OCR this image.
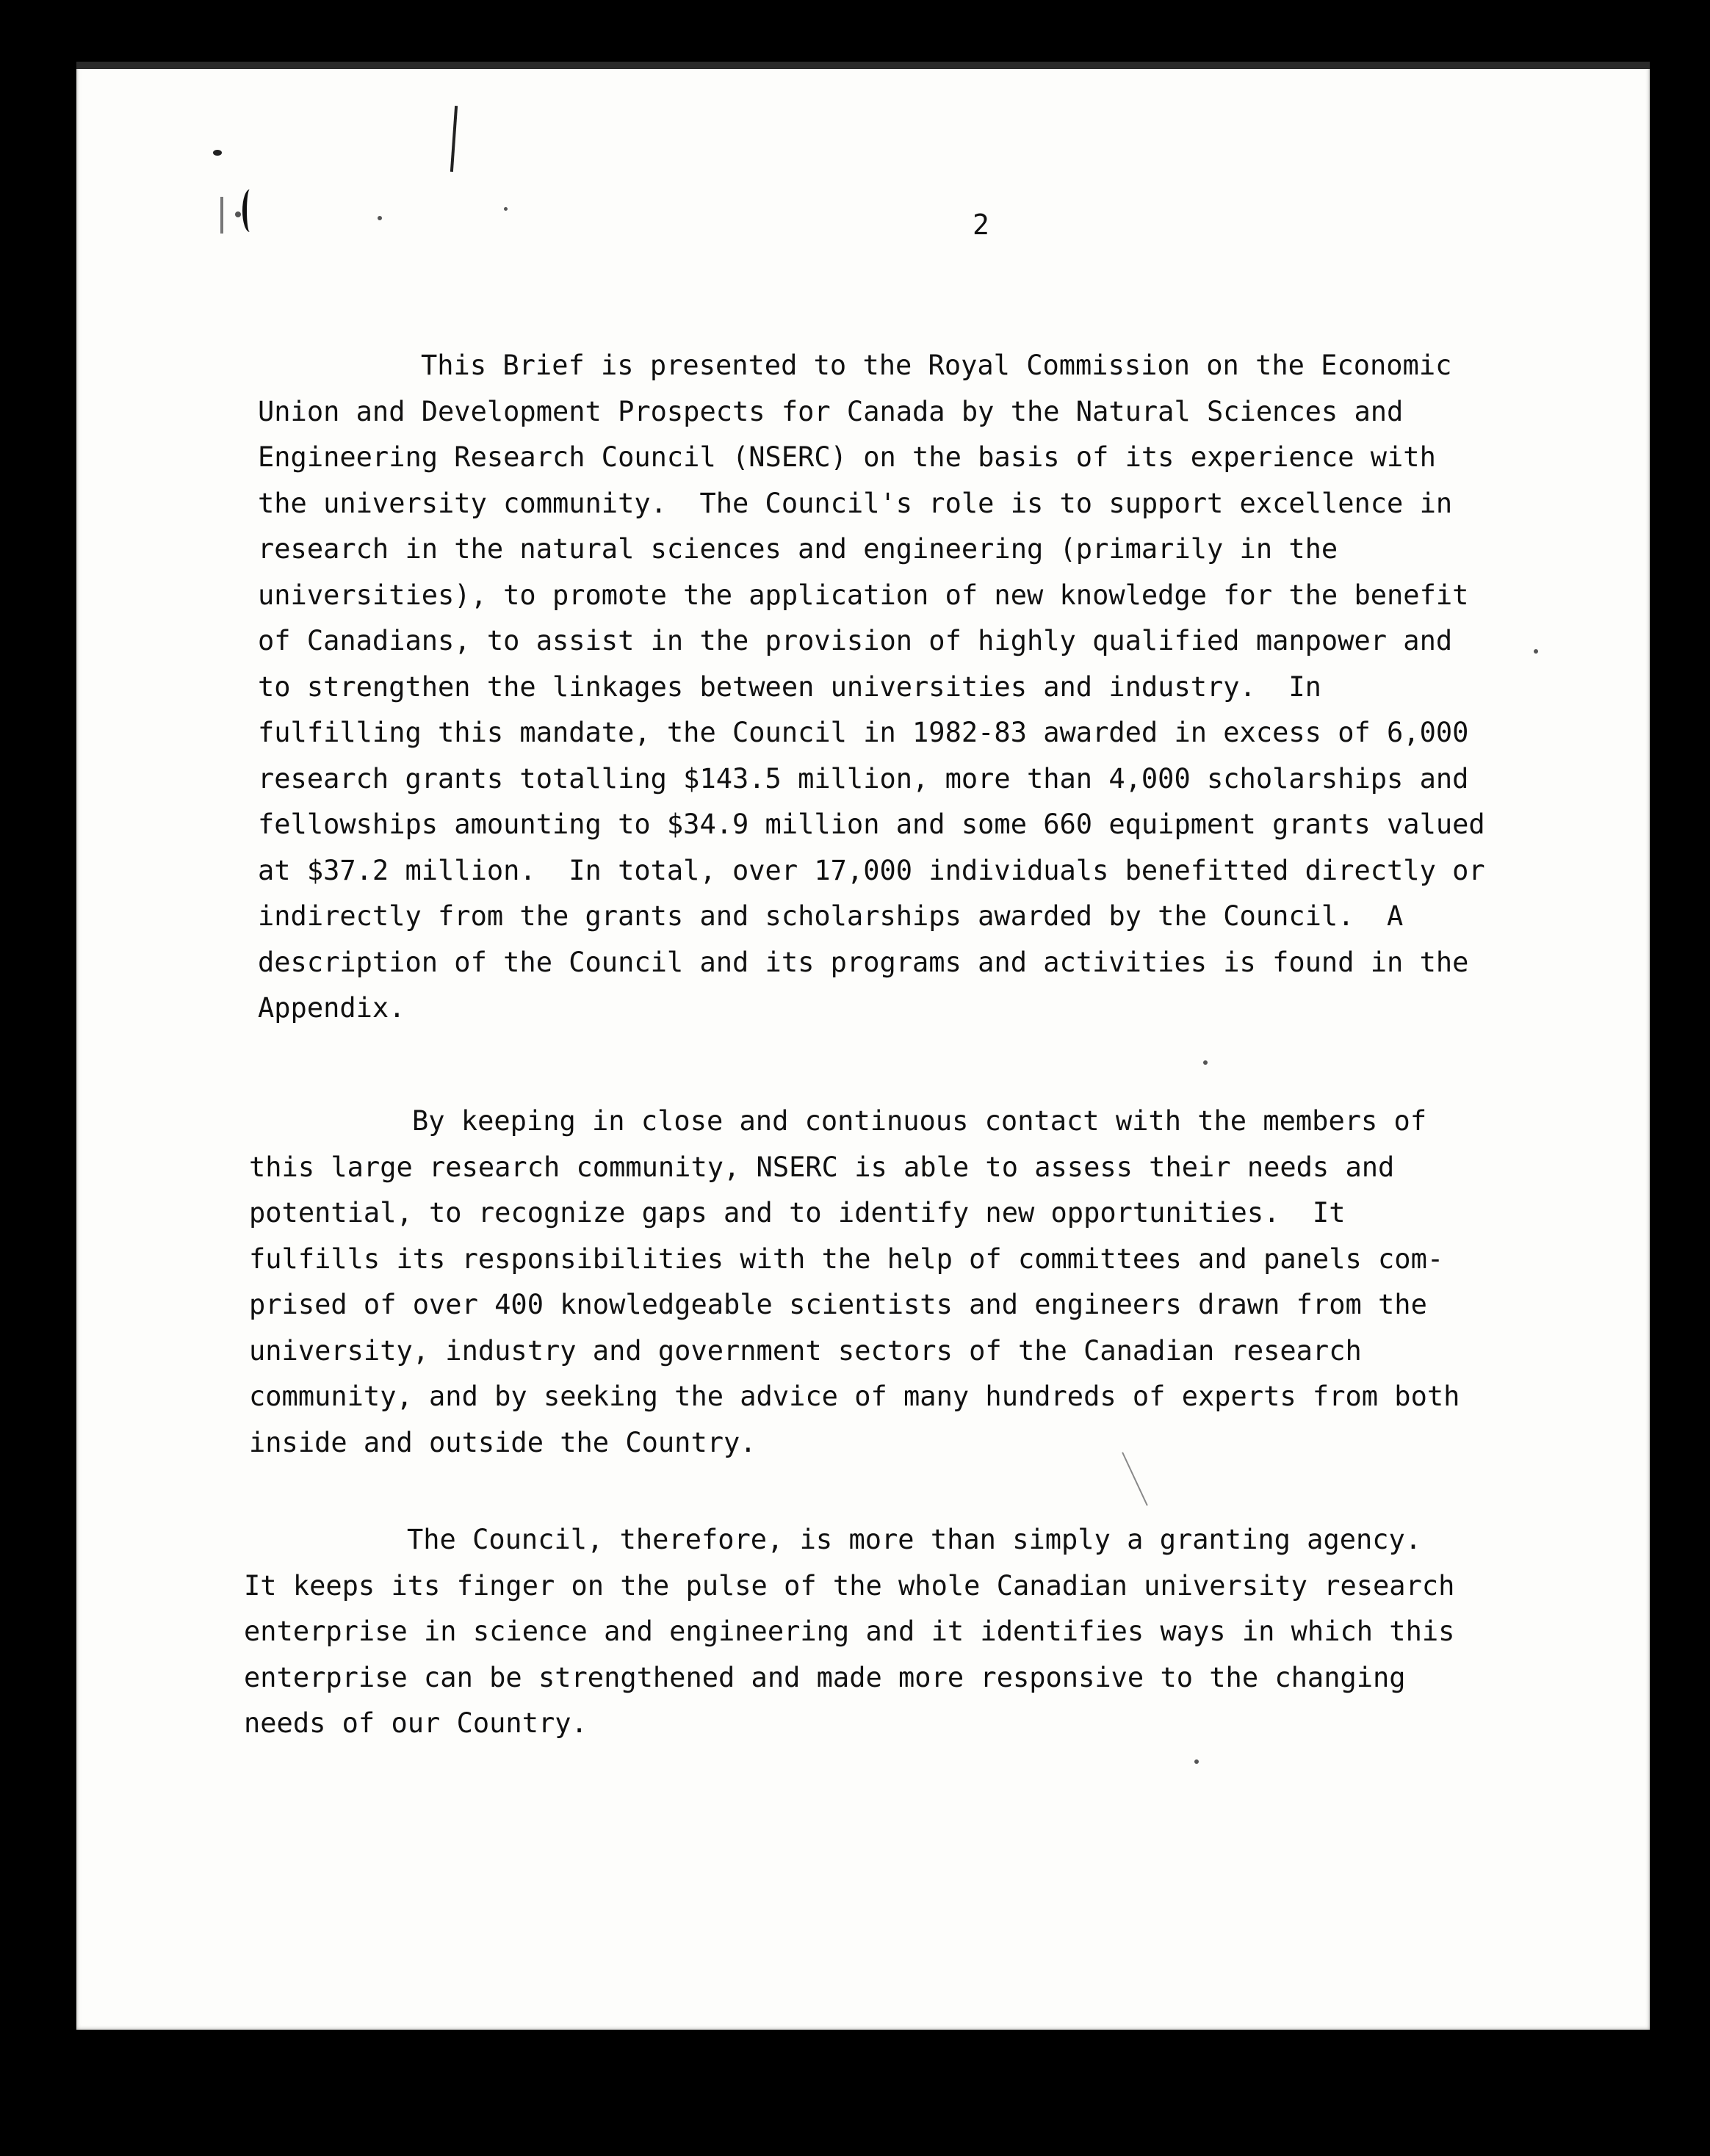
2

This Brief is presented to the Royal Commission on the Economic
Union and Development Prospects for Canada by the Natural Sciences and
Engineering Research Council (NSERC) on the basis of its experience with
the university community.  The Council's role is to support excellence in
research in the natural sciences and engineering (primarily in the
universities), to promote the application of new knowledge for the benefit
of Canadians, to assist in the provision of highly qualified manpower and
to strengthen the linkages between universities and industry.  In
fulfilling this mandate, the Council in 1982-83 awarded in excess of 6,000
research grants totalling $143.5 million, more than 4,000 scholarships and
fellowships amounting to $34.9 million and some 660 equipment grants valued
at $37.2 million.  In total, over 17,000 individuals benefitted directly or
indirectly from the grants and scholarships awarded by the Council.  A
description of the Council and its programs and activities is found in the
Appendix.
By keeping in close and continuous contact with the members of
this large research community, NSERC is able to assess their needs and
potential, to recognize gaps and to identify new opportunities.  It
fulfills its responsibilities with the help of committees and panels com-
prised of over 400 knowledgeable scientists and engineers drawn from the
university, industry and government sectors of the Canadian research
community, and by seeking the advice of many hundreds of experts from both
inside and outside the Country.
The Council, therefore, is more than simply a granting agency.
It keeps its finger on the pulse of the whole Canadian university research
enterprise in science and engineering and it identifies ways in which this
enterprise can be strengthened and made more responsive to the changing
needs of our Country.
